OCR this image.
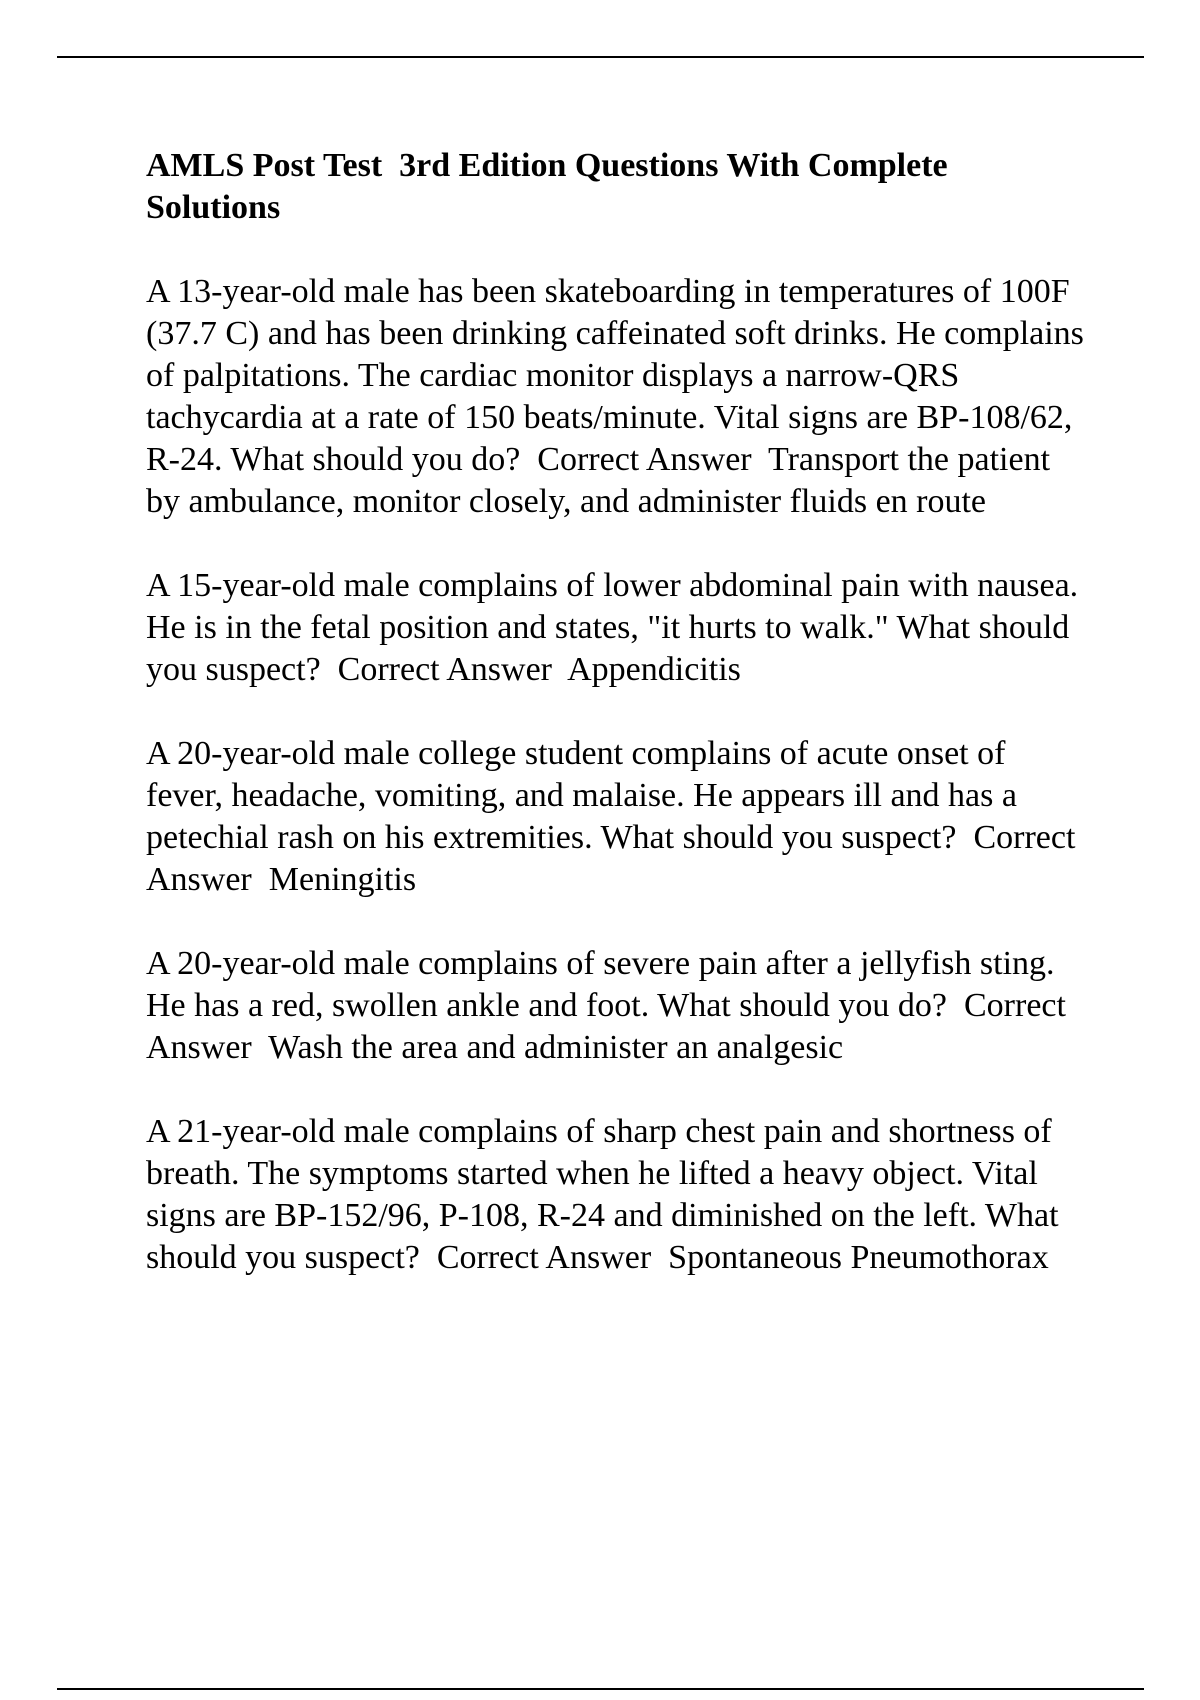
AMLS Post Test  3rd Edition Questions With Complete Solutions
A 13-year-old male has been skateboarding in temperatures of 100F (37.7 C) and has been drinking caffeinated soft drinks. He complains of palpitations. The cardiac monitor displays a narrow-QRS tachycardia at a rate of 150 beats/minute. Vital signs are BP-108/62, R-24. What should you do?  Correct Answer  Transport the patient by ambulance, monitor closely, and administer fluids en route
A 15-year-old male complains of lower abdominal pain with nausea. He is in the fetal position and states, "it hurts to walk." What should you suspect?  Correct Answer  Appendicitis
A 20-year-old male college student complains of acute onset of fever, headache, vomiting, and malaise. He appears ill and has a petechial rash on his extremities. What should you suspect?  Correct Answer  Meningitis
A 20-year-old male complains of severe pain after a jellyfish sting. He has a red, swollen ankle and foot. What should you do?  Correct Answer  Wash the area and administer an analgesic
A 21-year-old male complains of sharp chest pain and shortness of breath. The symptoms started when he lifted a heavy object. Vital signs are BP-152/96, P-108, R-24 and diminished on the left. What should you suspect?  Correct Answer  Spontaneous Pneumothorax
